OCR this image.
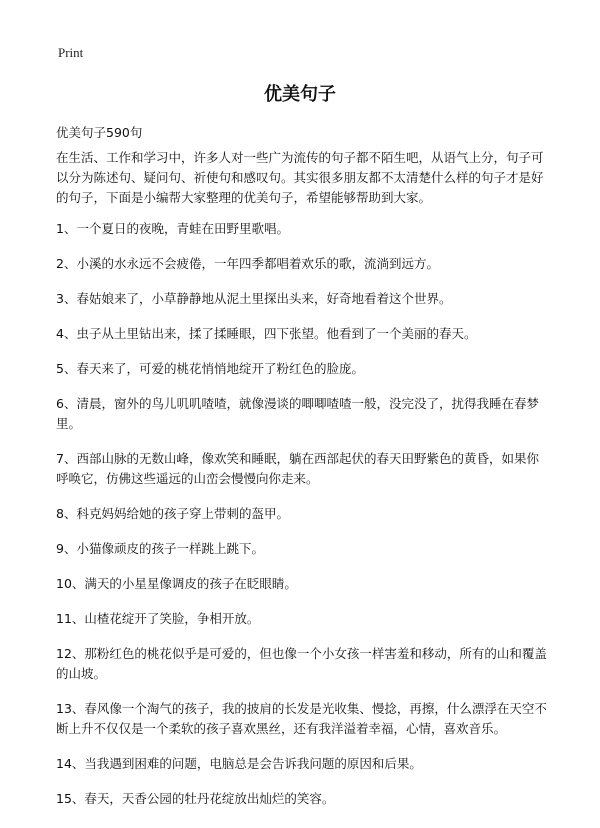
Print
优美句子
优美句子590句

在生活、工作和学习中，许多人对一些广为流传的句子都不陌生吧，从语气上分，句子可以分为陈述句、疑问句、祈使句和感叹句。其实很多朋友都不太清楚什么样的句子才是好的句子，下面是小编帮大家整理的优美句子，希望能够帮助到大家。

1、一个夏日的夜晚，青蛙在田野里歌唱。
2、小溪的水永远不会疲倦，一年四季都唱着欢乐的歌，流淌到远方。
3、春姑娘来了，小草静静地从泥土里探出头来，好奇地看着这个世界。
4、虫子从土里钻出来，揉了揉睡眼，四下张望。他看到了一个美丽的春天。
5、春天来了，可爱的桃花悄悄地绽开了粉红色的脸庞。
6、清晨，窗外的鸟儿叽叽喳喳，就像漫谈的唧唧喳喳一般，没完没了，扰得我睡在春梦里。
7、西部山脉的无数山峰，像欢笑和睡眠，躺在西部起伏的春天田野紫色的黄昏，如果你呼唤它，仿佛这些遥远的山峦会慢慢向你走来。
8、科克妈妈给她的孩子穿上带刺的盔甲。
9、小猫像顽皮的孩子一样跳上跳下。
10、满天的小星星像调皮的孩子在眨眼睛。
11、山楂花绽开了笑脸，争相开放。
12、那粉红色的桃花似乎是可爱的，但也像一个小女孩一样害羞和移动，所有的山和覆盖的山坡。
13、春风像一个淘气的孩子，我的披肩的长发是光收集、慢捻，再擦，什么漂浮在天空不断上升不仅仅是一个柔软的孩子喜欢黑丝，还有我洋溢着幸福，心情，喜欢音乐。
14、当我遇到困难的问题，电脑总是会告诉我问题的原因和后果。
15、春天，天香公园的牡丹花绽放出灿烂的笑容。
